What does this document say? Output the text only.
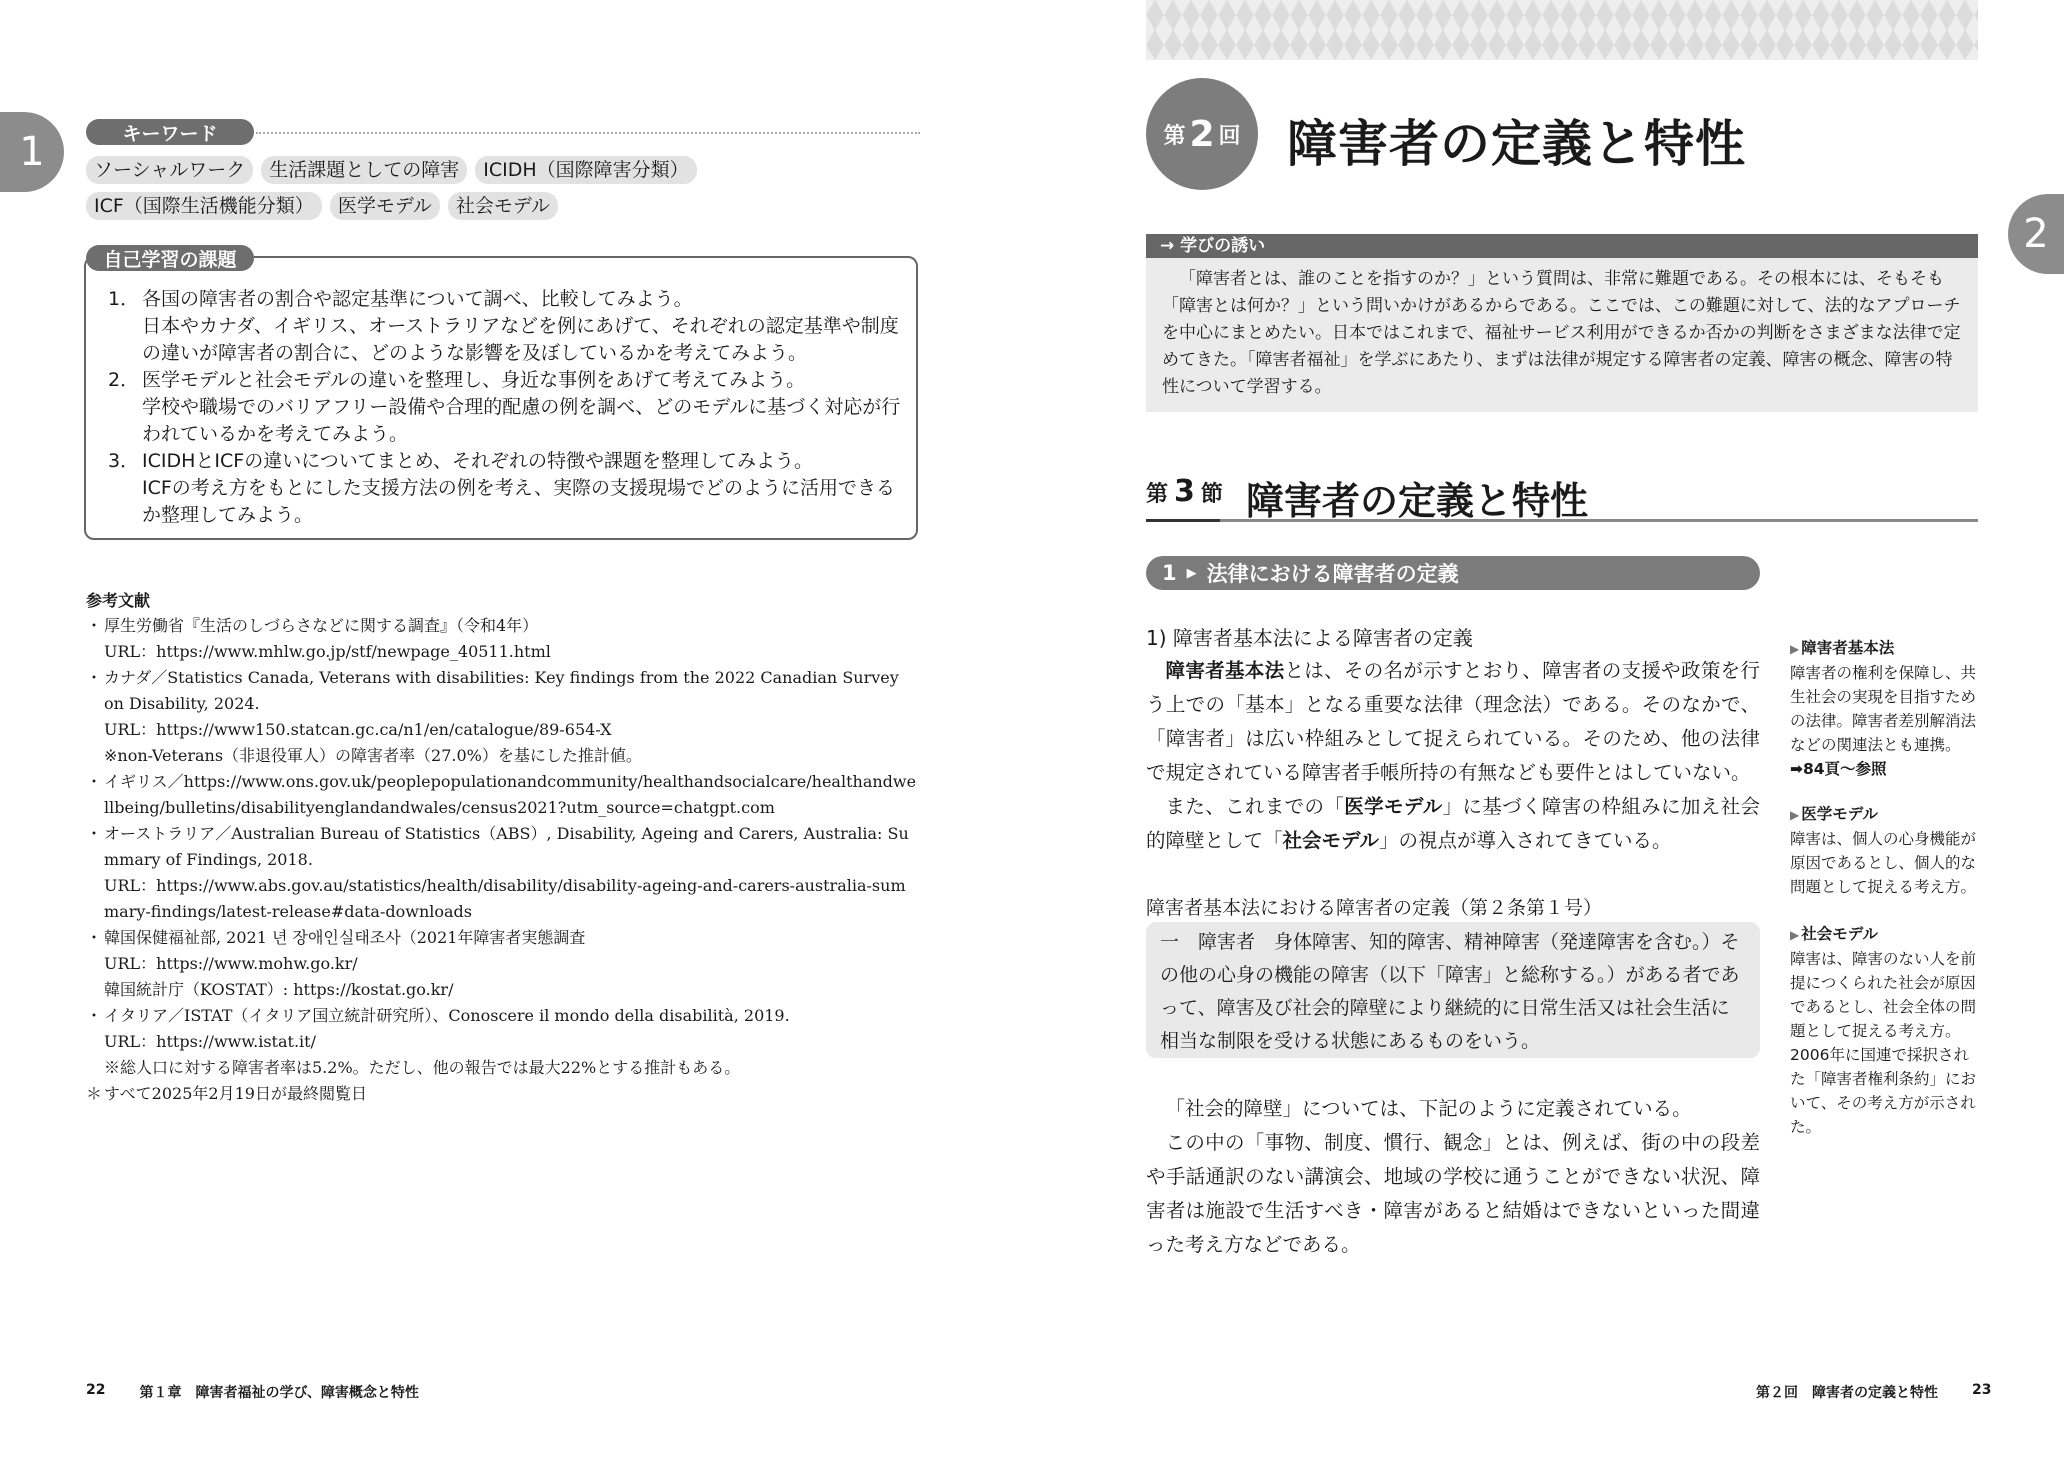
1	キーワード
ソーシャルワーク	生活課題としての障害	ICIDH（国際障害分類）
ICF（国際生活機能分類）	医学モデル	社会モデル
自己学習の課題
1． 各国の障害者の割合や認定基準について調べ、比較してみよう。
日本やカナダ、イギリス、オーストラリアなどを例にあげて、それぞれの認定基準や制度の違いが障害者の割合に、どのような影響を及ぼしているかを考えてみよう。
2． 医学モデルと社会モデルの違いを整理し、身近な事例をあげて考えてみよう。
学校や職場でのバリアフリー設備や合理的配慮の例を調べ、どのモデルに基づく対応が行われているかを考えてみよう。
3． ICIDHとICFの違いについてまとめ、それぞれの特徴や課題を整理してみよう。
ICFの考え方をもとにした支援方法の例を考え、実際の支援現場でどのように活用できるか整理してみよう。
参考文献
・ 厚生労働省『生活のしづらさなどに関する調査』（令和4年）
URL：https://www.mhlw.go.jp/stf/newpage_40511.html
・ カナダ／Statistics Canada, Veterans with disabilities: Key findings from the 2022 Canadian Survey on Disability, 2024.
URL：https://www150.statcan.gc.ca/n1/en/catalogue/89-654-X
※non-Veterans（非退役軍人）の障害者率（27.0%）を基にした推計値。
・ イギリス／https://www.ons.gov.uk/peoplepopulationandcommunity/healthandsocialcare/healthandwellbeing/bulletins/disabilityenglandandwales/census2021?utm_source=chatgpt.com
・ オーストラリア／Australian Bureau of Statistics（ABS）, Disability, Ageing and Carers, Australia: Summary of Findings, 2018.
URL：https://www.abs.gov.au/statistics/health/disability/disability-ageing-and-carers-australia-summary-findings/latest-release#data-downloads
・ 韓国保健福祉部, 2021 년 장애인실태조사（2021年障害者実態調査
URL：https://www.mohw.go.kr/
韓国統計庁（KOSTAT）: https://kostat.go.kr/
・ イタリア／ISTAT（イタリア国立統計研究所）、Conoscere il mondo della disabilità, 2019.
URL：https://www.istat.it/
※総人口に対する障害者率は5.2%。ただし、他の報告では最大22%とする推計もある。
＊ すべて2025年2月19日が最終閲覧日
22 第１章　障害者福祉の学び、障害概念と特性
2
第 2 回 障害者の定義と特性
→ 学びの誘い
「障害者とは、誰のことを指すのか？」という質問は、非常に難題である。その根本には、そもそも「障害とは何か？」という問いかけがあるからである。ここでは、この難題に対して、法的なアプローチを中心にまとめたい。日本ではこれまで、福祉サービス利用ができるか否かの判断をさまざまな法律で定めてきた。「障害者福祉」を学ぶにあたり、まずは法律が規定する障害者の定義、障害の概念、障害の特性について学習する。
第 3 節 障害者の定義と特性
1 ▶ 法律における障害者の定義
1) 障害者基本法による障害者の定義

障害者基本法とは、その名が示すとおり、障害者の支援や政策を行う上での「基本」となる重要な法律（理念法）である。そのなかで、「障害者」は広い枠組みとして捉えられている。そのため、他の法律で規定されている障害者手帳所持の有無なども要件とはしていない。

また、これまでの「医学モデル」に基づく障害の枠組みに加え社会的障壁として「社会モデル」の視点が導入されてきている。

障害者基本法における障害者の定義（第２条第１号）
一　障害者　身体障害、知的障害、精神障害（発達障害を含む。）その他の心身の機能の障害（以下「障害」と総称する。）がある者であって、障害及び社会的障壁により継続的に日常生活又は社会生活に相当な制限を受ける状態にあるものをいう。

「社会的障壁」については、下記のように定義されている。

この中の「事物、制度、慣行、観念」とは、例えば、街の中の段差や手話通訳のない講演会、地域の学校に通うことができない状況、障害者は施設で生活すべき・障害があると結婚はできないといった間違った考え方などである。

▶ 障害者基本法
障害者の権利を保障し、共生社会の実現を目指すための法律。障害者差別解消法などの関連法とも連携。
➡84頁〜参照
▶ 医学モデル
障害は、個人の心身機能が原因であるとし、個人的な問題として捉える考え方。
▶ 社会モデル
障害は、障害のない人を前提につくられた社会が原因であるとし、社会全体の問題として捉える考え方。2006年に国連で採択された「障害者権利条約」において、その考え方が示された。
第２回　障害者の定義と特性 23
